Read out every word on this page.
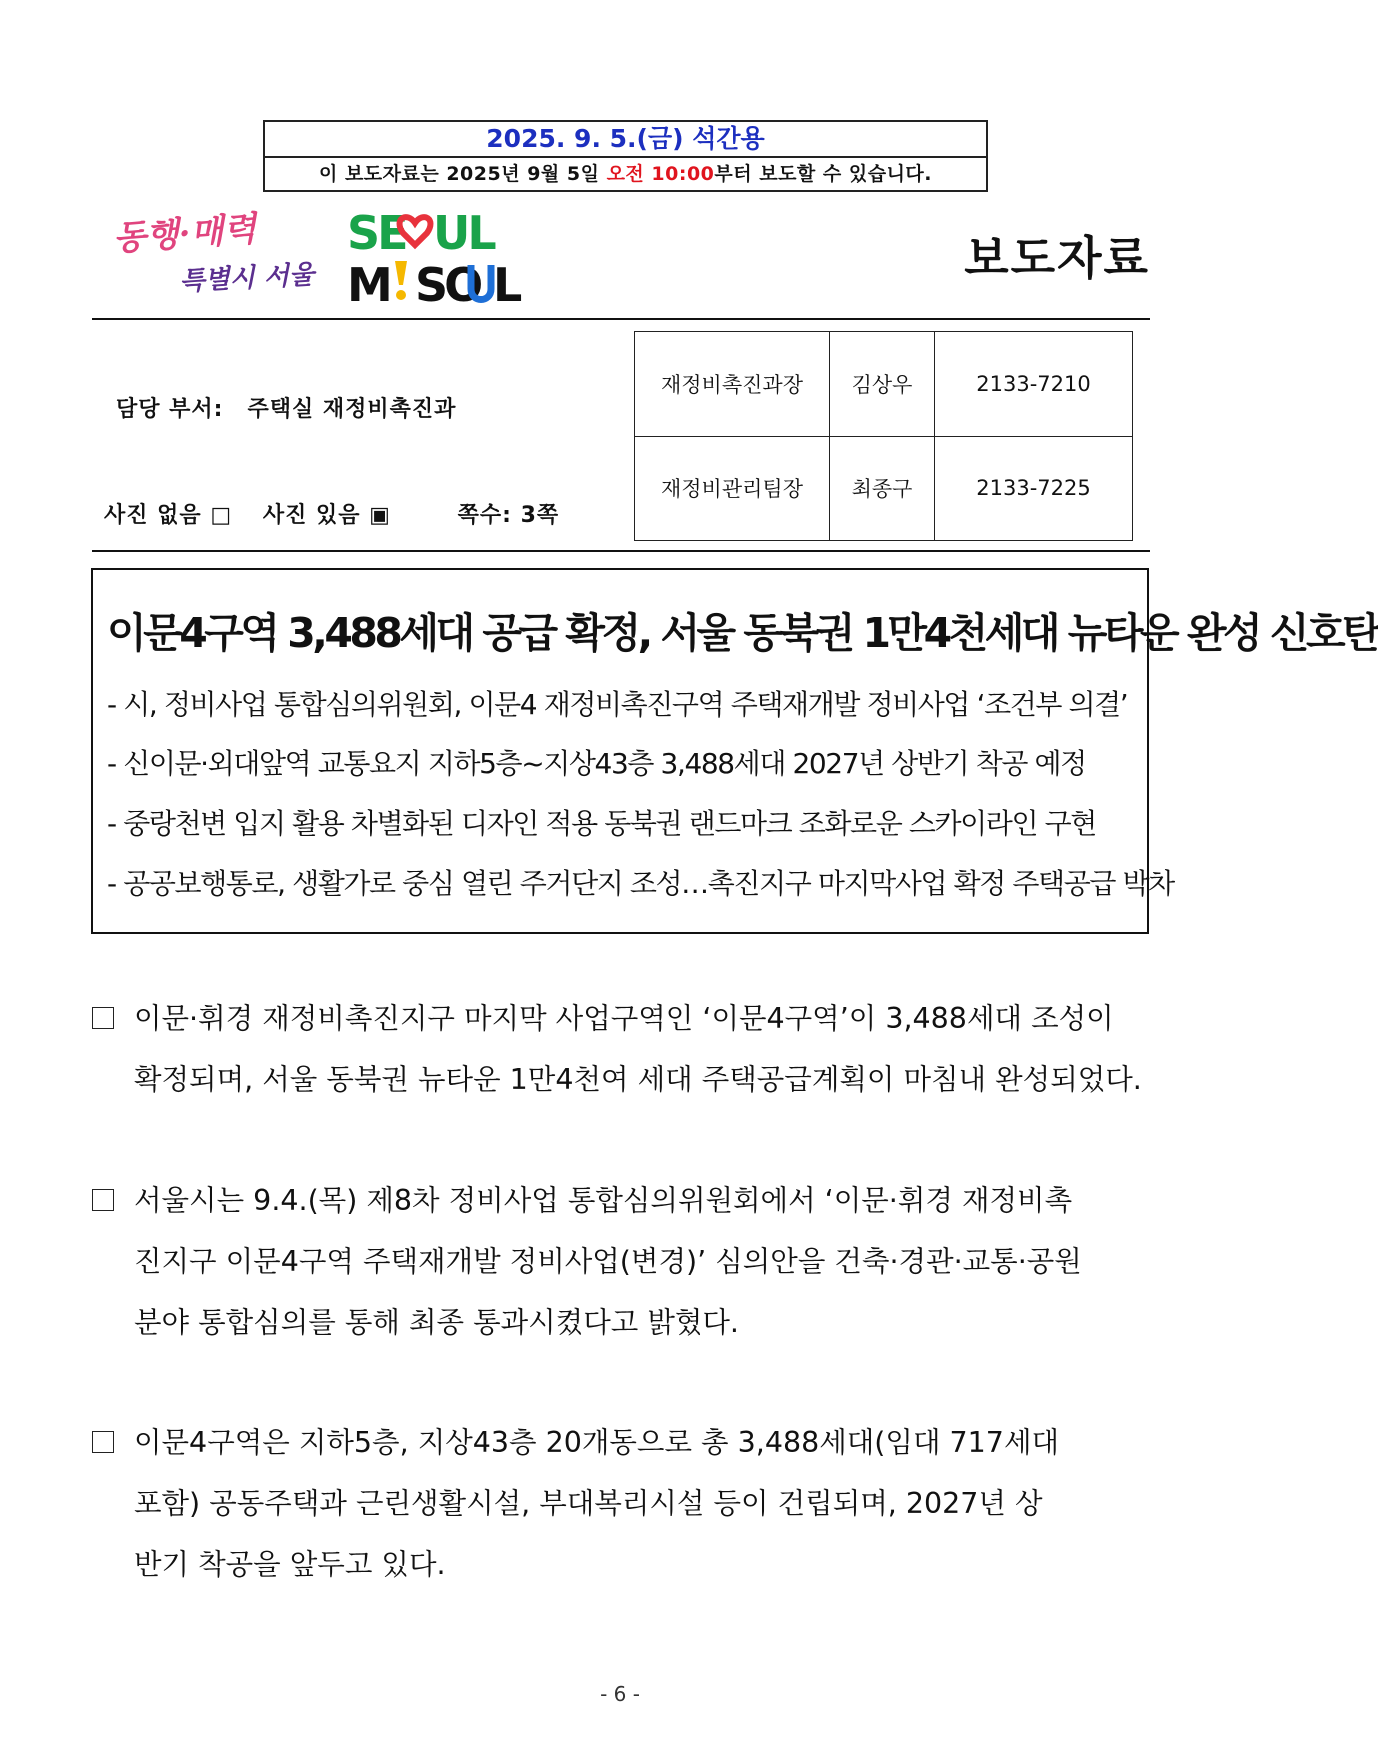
2025. 9. 5.(금) 석간용
이 보도자료는 2025년 9월 5일 오전 10:00부터 보도할 수 있습니다.
동행·매력
특별시 서울
SE UL
M SO L	보도자료
담당 부서: 주택실 재정비촉진과
사진 없음 □ 사진 있음 ▣	쪽수: 3쪽
재정비촉진과장	김상우	2133-7210
재정비관리팀장	최종구	2133-7225
이문4구역 3,488세대 공급 확정, 서울 동북권 1만4천세대 뉴타운 완성 신호탄
- 시, 정비사업 통합심의위원회, 이문4 재정비촉진구역 주택재개발 정비사업 ‘조건부 의결’
- 신이문·외대앞역 교통요지 지하5층~지상43층 3,488세대 2027년 상반기 착공 예정
- 중랑천변 입지 활용 차별화된 디자인 적용 동북권 랜드마크 조화로운 스카이라인 구현
- 공공보행통로, 생활가로 중심 열린 주거단지 조성…촉진지구 마지막사업 확정 주택공급 박차
이문·휘경 재정비촉진지구 마지막 사업구역인 ‘이문4구역’이 3,488세대 조성이
확정되며, 서울 동북권 뉴타운 1만4천여 세대 주택공급계획이 마침내 완성되었다.
서울시는 9.4.(목) 제8차 정비사업 통합심의위원회에서 ‘이문·휘경 재정비촉
진지구 이문4구역 주택재개발 정비사업(변경)’ 심의안을 건축·경관·교통·공원
분야 통합심의를 통해 최종 통과시켰다고 밝혔다.
이문4구역은 지하5층, 지상43층 20개동으로 총 3,488세대(임대 717세대
포함) 공동주택과 근린생활시설, 부대복리시설 등이 건립되며, 2027년 상
반기 착공을 앞두고 있다.
- 6 -
